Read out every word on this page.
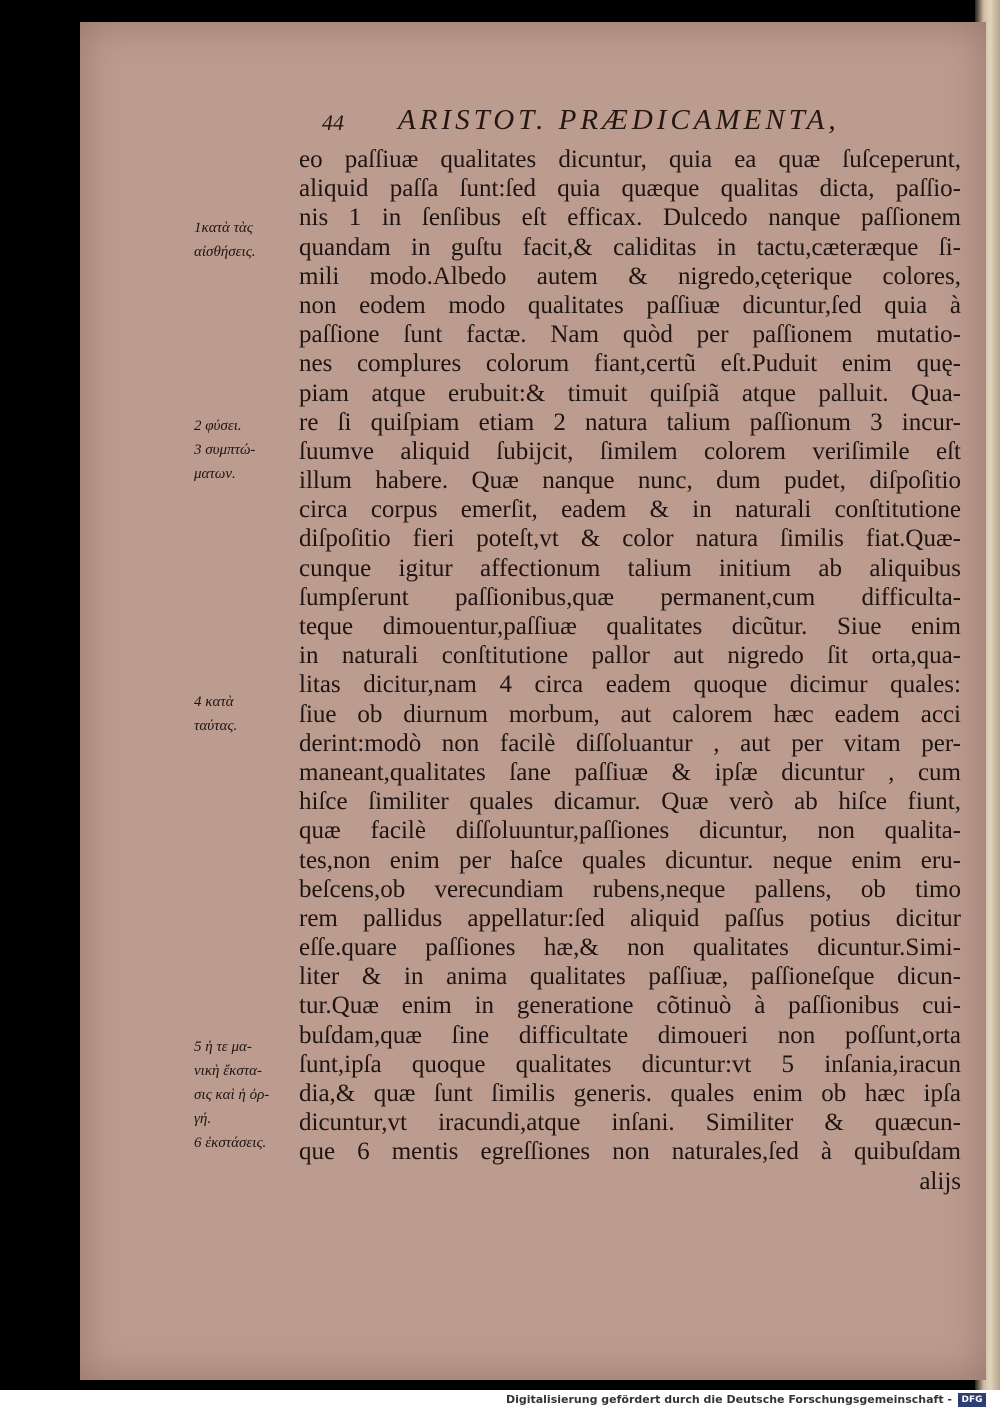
44 ARISTOT. PRÆDICAMENTA,
eo paſſiuæ qualitates dicuntur, quia ea quæ ſuſceperunt,
aliquid paſſa ſunt:ſed quia quæque qualitas dicta, paſſio-
nis 1 in ſenſibus eſt efficax. Dulcedo nanque paſſionem
quandam in guſtu facit,& caliditas in tactu,cæteræque ſi-
mili modo.Albedo autem & nigredo,cęterique colores,
non eodem modo qualitates paſſiuæ dicuntur,ſed quia à
paſſione ſunt factæ. Nam quòd per paſſionem mutatio-
nes complures colorum fiant,certũ eſt.Puduit enim quę-
piam atque erubuit:& timuit quiſpiã atque palluit. Qua-
re ſi quiſpiam etiam 2 natura talium paſſionum 3 incur-
ſuumve aliquid ſubijcit, ſimilem colorem veriſimile eſt
illum habere. Quæ nanque nunc, dum pudet, diſpoſitio
circa corpus emerſit, eadem & in naturali conſtitutione
diſpoſitio fieri poteſt,vt & color natura ſimilis fiat.Quæ-
cunque igitur affectionum talium initium ab aliquibus
ſumpſerunt paſſionibus,quæ permanent,cum difficulta-
teque dimouentur,paſſiuæ qualitates dicũtur. Siue enim
in naturali conſtitutione pallor aut nigredo ſit orta,qua-
litas dicitur,nam 4 circa eadem quoque dicimur quales:
ſiue ob diurnum morbum, aut calorem hæc eadem acci
derint:modò non facilè diſſoluantur , aut per vitam per-
maneant,qualitates ſane paſſiuæ & ipſæ dicuntur , cum
hiſce ſimiliter quales dicamur. Quæ verò ab hiſce fiunt,
quæ facilè diſſoluuntur,paſſiones dicuntur, non qualita-
tes,non enim per haſce quales dicuntur. neque enim eru-
beſcens,ob verecundiam rubens,neque pallens, ob timo
rem pallidus appellatur:ſed aliquid paſſus potius dicitur
eſſe.quare paſſiones hæ,& non qualitates dicuntur.Simi-
liter & in anima qualitates paſſiuæ, paſſioneſque dicun-
tur.Quæ enim in generatione cõtinuò à paſſionibus cui-
buſdam,quæ ſine difficultate dimoueri non poſſunt,orta
ſunt,ipſa quoque qualitates dicuntur:vt 5 inſania,iracun
dia,& quæ ſunt ſimilis generis. quales enim ob hæc ipſa
dicuntur,vt iracundi,atque inſani. Similiter & quæcun-
que 6 mentis egreſſiones non naturales,ſed à quibuſdam
alijs
1κατὰ τὰς
αἰσθήσεις.
2 φύσει.
3 συμπτώ-
ματων.
4 κατὰ
ταύτας.
5 ἡ τε μα-
νικὴ ἔκστα-
σις καὶ ἡ ὀρ-
γή.
6 ἐκστάσεις.
Digitalisierung gefördert durch die Deutsche Forschungsgemeinschaft -	DFG
